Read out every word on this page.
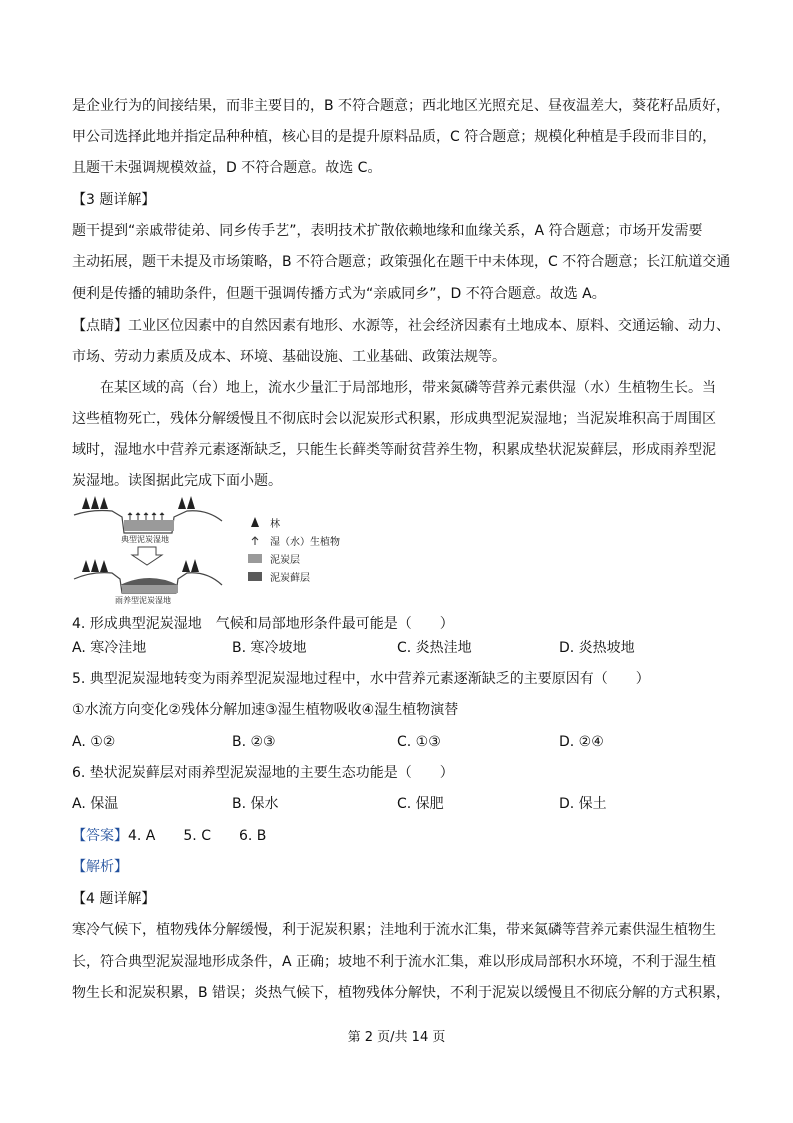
是企业行为的间接结果，而非主要目的，B 不符合题意；西北地区光照充足、昼夜温差大，葵花籽品质好，
甲公司选择此地并指定品种种植，核心目的是提升原料品质，C 符合题意；规模化种植是手段而非目的，
且题干未强调规模效益，D 不符合题意。故选 C。
【3 题详解】
题干提到“亲戚带徒弟、同乡传手艺”，表明技术扩散依赖地缘和血缘关系，A 符合题意；市场开发需要
主动拓展，题干未提及市场策略，B 不符合题意；政策强化在题干中未体现，C 不符合题意；长江航道交通
便利是传播的辅助条件，但题干强调传播方式为“亲戚同乡”，D 不符合题意。故选 A。
【点睛】工业区位因素中的自然因素有地形、水源等，社会经济因素有土地成本、原料、交通运输、动力、
市场、劳动力素质及成本、环境、基础设施、工业基础、政策法规等。
在某区域的高（台）地上，流水少量汇于局部地形，带来氮磷等营养元素供湿（水）生植物生长。当
这些植物死亡，残体分解缓慢且不彻底时会以泥炭形式积累，形成典型泥炭湿地；当泥炭堆积高于周围区
域时，湿地水中营养元素逐渐缺乏，只能生长藓类等耐贫营养生物，积累成垫状泥炭藓层，形成雨养型泥
炭湿地。读图据此完成下面小题。
典型泥炭湿地
雨养型泥炭湿地
林
湿（水）生植物
泥炭层
泥炭藓层
4. 形成典型泥炭湿地　气候和局部地形条件最可能是（　　）
A. 寒冷洼地	B. 寒冷坡地	C. 炎热洼地	D. 炎热坡地
5. 典型泥炭湿地转变为雨养型泥炭湿地过程中，水中营养元素逐渐缺乏的主要原因有（　　）
①水流方向变化②残体分解加速③湿生植物吸收④湿生植物演替
A. ①②	B. ②③	C. ①③	D. ②④
6. 垫状泥炭藓层对雨养型泥炭湿地的主要生态功能是（　　）
A. 保温	B. 保水	C. 保肥	D. 保土
【答案】4. A　　5. C　　6. B
【解析】
【4 题详解】
寒冷气候下，植物残体分解缓慢，利于泥炭积累；洼地利于流水汇集，带来氮磷等营养元素供湿生植物生
长，符合典型泥炭湿地形成条件，A 正确；坡地不利于流水汇集，难以形成局部积水环境，不利于湿生植
物生长和泥炭积累，B 错误；炎热气候下，植物残体分解快，不利于泥炭以缓慢且不彻底分解的方式积累，
第 2 页/共 14 页
